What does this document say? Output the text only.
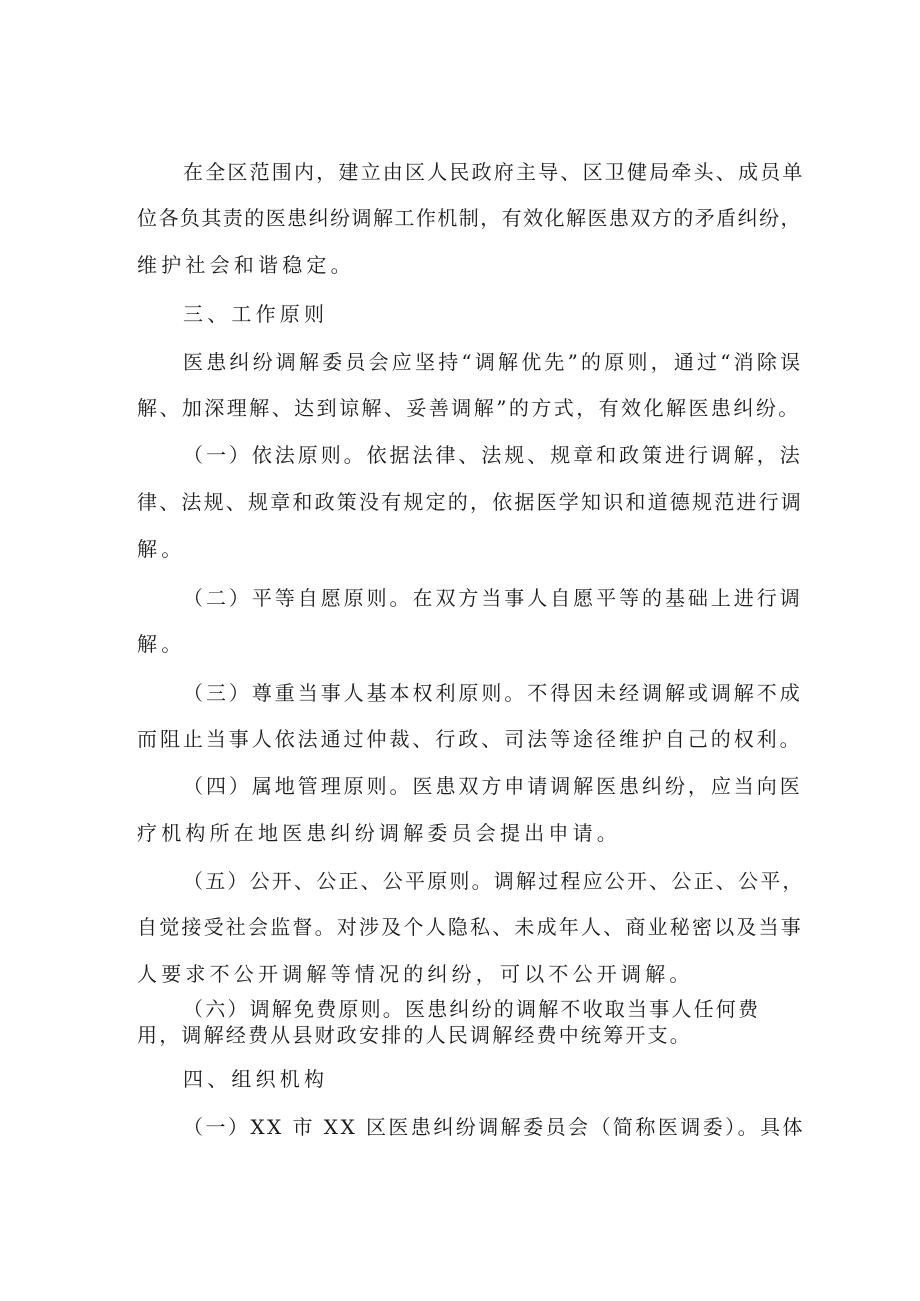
在全区范围内，建立由区人民政府主导、区卫健局牵头、成员单
位各负其责的医患纠纷调解工作机制，有效化解医患双方的矛盾纠纷，
维护社会和谐稳定。
三、工作原则
医患纠纷调解委员会应坚持“调解优先”的原则，通过“消除误
解、加深理解、达到谅解、妥善调解”的方式，有效化解医患纠纷。
（一）依法原则。依据法律、法规、规章和政策进行调解，法
律、法规、规章和政策没有规定的，依据医学知识和道德规范进行调
解。
（二）平等自愿原则。在双方当事人自愿平等的基础上进行调
解。
（三）尊重当事人基本权利原则。不得因未经调解或调解不成
而阻止当事人依法通过仲裁、行政、司法等途径维护自己的权利。
（四）属地管理原则。医患双方申请调解医患纠纷，应当向医
疗机构所在地医患纠纷调解委员会提出申请。
（五）公开、公正、公平原则。调解过程应公开、公正、公平，
自觉接受社会监督。对涉及个人隐私、未成年人、商业秘密以及当事
人要求不公开调解等情况的纠纷，可以不公开调解。
（六）调解免费原则。医患纠纷的调解不收取当事人任何费
用，调解经费从县财政安排的人民调解经费中统筹开支。
四、组织机构
（一）XX 市 XX 区医患纠纷调解委员会（简称医调委）。具体
